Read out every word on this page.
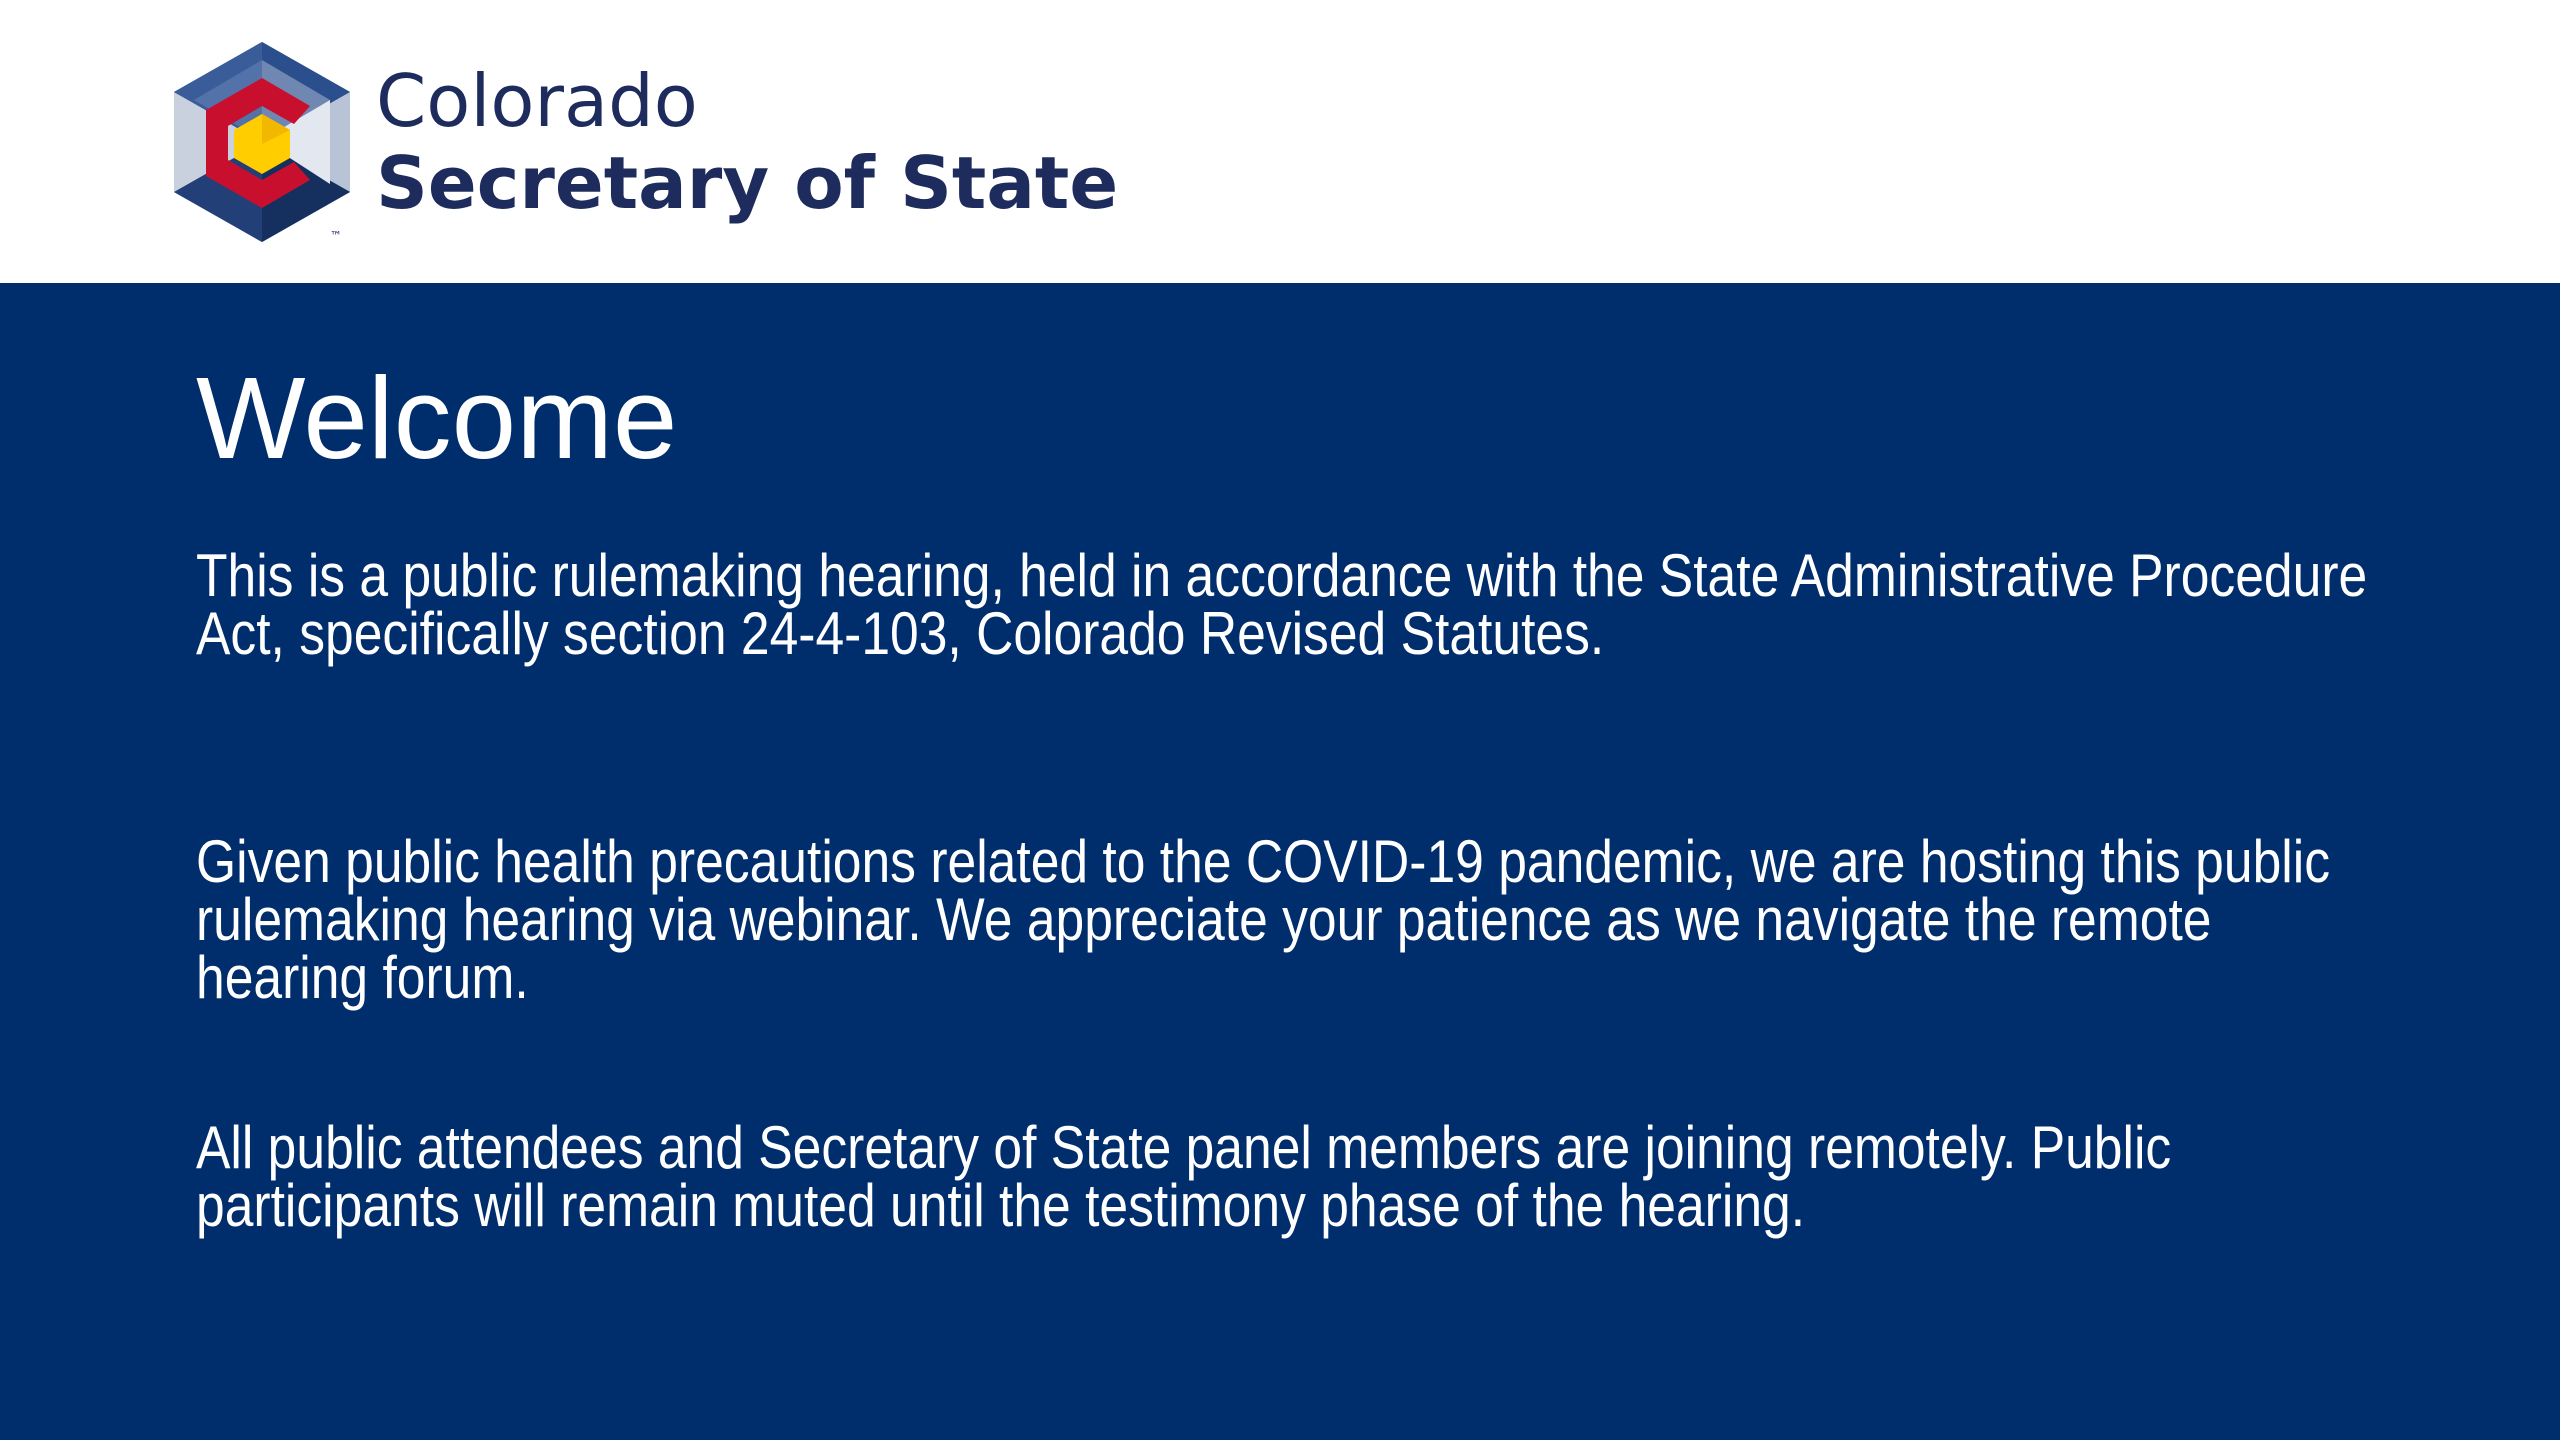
™
Colorado
Secretary of State
Welcome

This is a public rulemaking hearing, held in accordance with the State Administrative Procedure Act, specifically section 24-4-103, Colorado Revised Statutes.

Given public health precautions related to the COVID-19 pandemic, we are hosting this public rulemaking hearing via webinar. We appreciate your patience as we navigate the remote hearing forum.

All public attendees and Secretary of State panel members are joining remotely. Public participants will remain muted until the testimony phase of the hearing.
